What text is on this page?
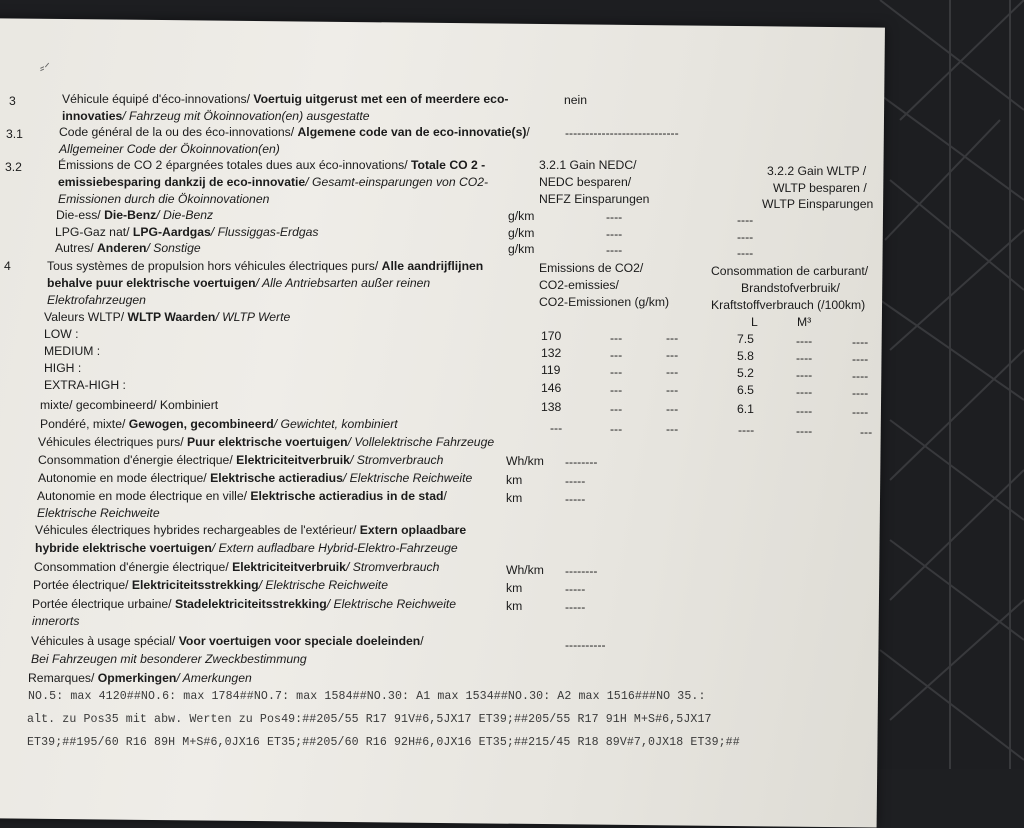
⸗ᐟ
3	Véhicule équipé d'éco-innovations/ Voertuig uitgerust met een of meerdere eco-
innovaties/ Fahrzeug mit Ökoinnovation(en) ausgestatte
nein
3.1	Code général de la ou des éco-innovations/ Algemene code van de eco-innovatie(s)/
Allgemeiner Code der Ökoinnovation(en)
----------------------------
3.2	Émissions de CO 2 épargnées totales dues aux éco-innovations/ Totale CO 2 -
emissiebesparing dankzij de eco-innovatie/ Gesamt-einsparungen von CO2-
Emissionen durch die Ökoinnovationen
3.2.1 Gain NEDC/
NEDC besparen/
NEFZ Einsparungen
3.2.2 Gain WLTP /
WLTP besparen /
WLTP Einsparungen
Die-ess/ Die-Benz/ Die-Benz	g/km	----	----
LPG-Gaz nat/ LPG-Aardgas/ Flussiggas-Erdgas	g/km	----	----
Autres/ Anderen/ Sonstige	g/km	----	----
4	Tous systèmes de propulsion hors véhicules électriques purs/ Alle aandrijflijnen
behalve puur elektrische voertuigen/ Alle Antriebsarten außer reinen
Elektrofahrzeugen
Emissions de CO2/
CO2-emissies/
CO2-Emissionen (g/km)
Consommation de carburant/
Brandstofverbruik/
Kraftstoffverbrauch (/100km)
L	M³
Valeurs WLTP/ WLTP Waarden/ WLTP Werte
LOW :	170	---	---	7.5	----	----
MEDIUM :	132	---	---	5.8	----	----
HIGH :	119	---	---	5.2	----	----
EXTRA-HIGH :	146	---	---	6.5	----	----
mixte/ gecombineerd/ Kombiniert	138	---	---	6.1	----	----
Pondéré, mixte/ Gewogen, gecombineerd/ Gewichtet, kombiniert	---	---	---	----	----	---
Véhicules électriques purs/ Puur elektrische voertuigen/ Vollelektrische Fahrzeuge
Consommation d'énergie électrique/ Elektriciteitverbruik/ Stromverbrauch	Wh/km --------
Autonomie en mode électrique/ Elektrische actieradius/ Elektrische Reichweite	km	-----
Autonomie en mode électrique en ville/ Elektrische actieradius in de stad/
Elektrische Reichweite
km	-----
Véhicules électriques hybrides rechargeables de l'extérieur/ Extern oplaadbare
hybride elektrische voertuigen/ Extern aufladbare Hybrid-Elektro-Fahrzeuge
Consommation d'énergie électrique/ Elektriciteitverbruik/ Stromverbrauch	Wh/km --------
Portée électrique/ Elektriciteitsstrekking/ Elektrische Reichweite	km	-----
Portée électrique urbaine/ Stadelektriciteitsstrekking/ Elektrische Reichweite
innerorts
km	-----
Véhicules à usage spécial/ Voor voertuigen voor speciale doeleinden/
Bei Fahrzeugen mit besonderer Zweckbestimmung
----------
Remarques/ Opmerkingen/ Amerkungen
NO.5: max 4120##NO.6: max 1784##NO.7: max 1584##NO.30: A1 max 1534##NO.30: A2 max 1516###NO 35.:
alt. zu Pos35 mit abw. Werten zu Pos49:##205/55 R17 91V#6,5JX17 ET39;##205/55 R17 91H M+S#6,5JX17
ET39;##195/60 R16 89H M+S#6,0JX16 ET35;##205/60 R16 92H#6,0JX16 ET35;##215/45 R18 89V#7,0JX18 ET39;##
